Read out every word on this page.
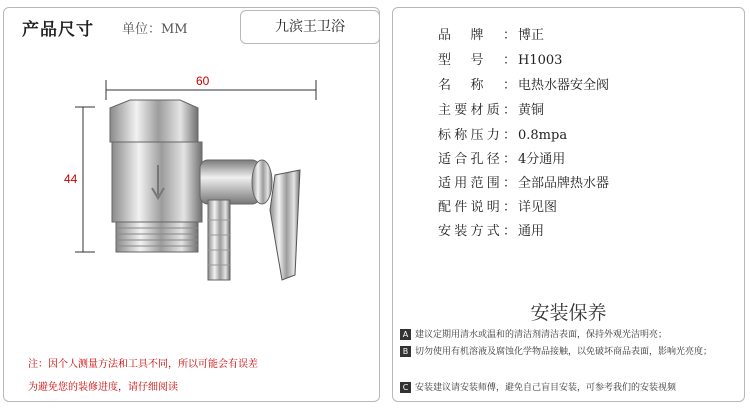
产品尺寸 单位：MM	九滨王卫浴
60
44
注：因个人测量方法和工具不同，所以可能会有误差
为避免您的装修进度，请仔细阅读
品牌： 博正
型号： H1003
名称： 电热水器安全阀
主要材质： 黄铜
标称压力： 0.8mpa
适合孔径： 4分通用
适用范围： 全部品牌热水器
配件说明： 详见图
安装方式： 通用
安装保养
A 建议定期用清水或温和的清洁剂清洁表面，保持外观光洁明亮；
B 切勿使用有机溶液及腐蚀化学物品接触，以免破坏商品表面，影响光亮度；
C 安装建议请安装师傅，避免自己盲目安装，可参考我们的安装视频
